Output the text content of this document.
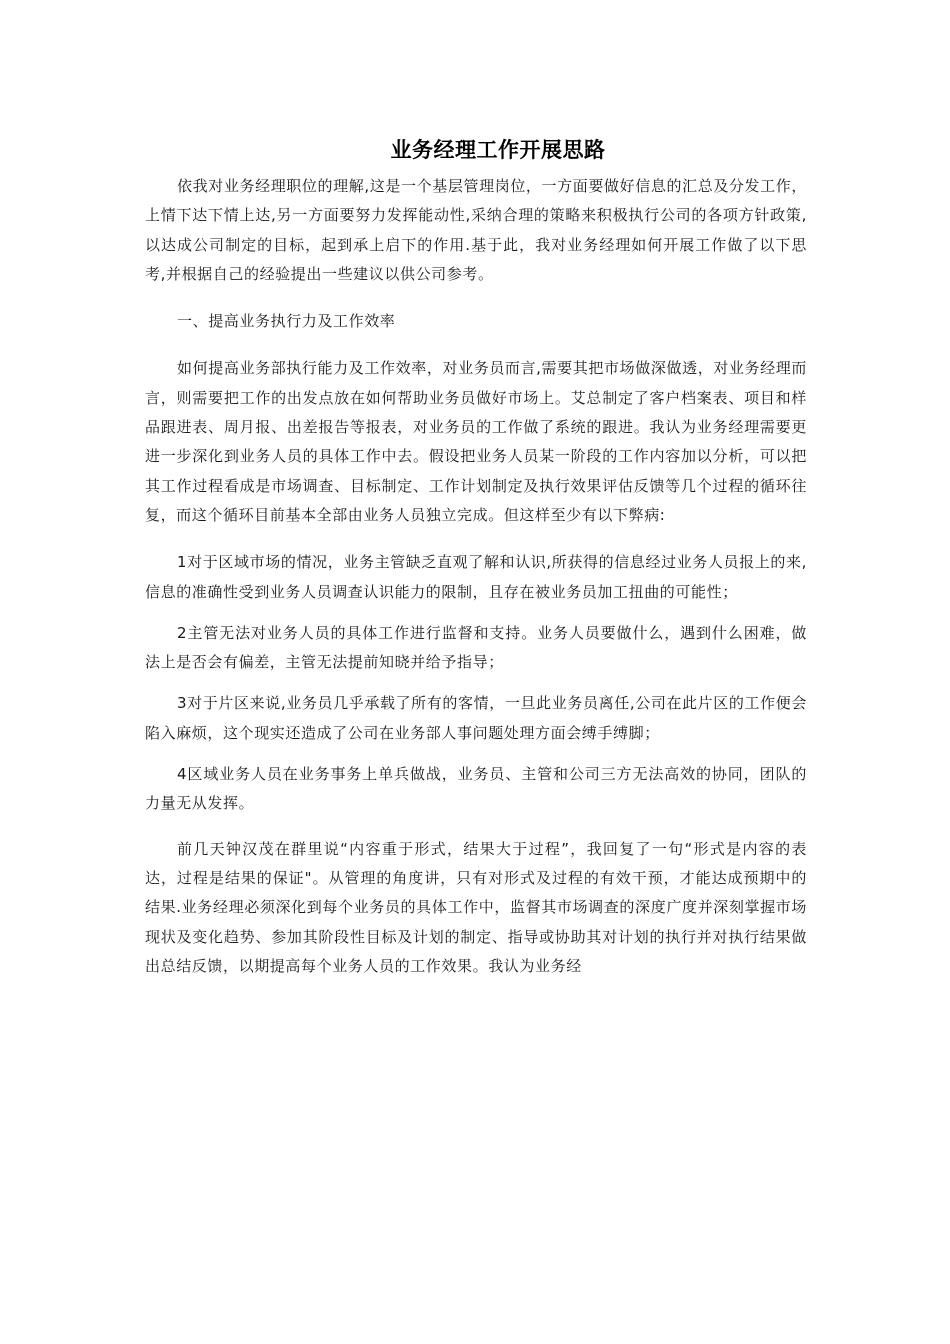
业务经理工作开展思路

依我对业务经理职位的理解,这是一个基层管理岗位，一方面要做好信息的汇总及分发工作，上情下达下情上达,另一方面要努力发挥能动性,采纳合理的策略来积极执行公司的各项方针政策,以达成公司制定的目标，起到承上启下的作用.基于此，我对业务经理如何开展工作做了以下思考,并根据自己的经验提出一些建议以供公司参考。

一、提高业务执行力及工作效率

如何提高业务部执行能力及工作效率，对业务员而言,需要其把市场做深做透，对业务经理而言，则需要把工作的出发点放在如何帮助业务员做好市场上。艾总制定了客户档案表、项目和样品跟进表、周月报、出差报告等报表，对业务员的工作做了系统的跟进。我认为业务经理需要更进一步深化到业务人员的具体工作中去。假设把业务人员某一阶段的工作内容加以分析，可以把其工作过程看成是市场调查、目标制定、工作计划制定及执行效果评估反馈等几个过程的循环往复，而这个循环目前基本全部由业务人员独立完成。但这样至少有以下弊病:

1对于区域市场的情况，业务主管缺乏直观了解和认识,所获得的信息经过业务人员报上的来,信息的准确性受到业务人员调查认识能力的限制，且存在被业务员加工扭曲的可能性；

2主管无法对业务人员的具体工作进行监督和支持。业务人员要做什么，遇到什么困难，做法上是否会有偏差，主管无法提前知晓并给予指导；

3对于片区来说,业务员几乎承载了所有的客情，一旦此业务员离任,公司在此片区的工作便会陷入麻烦，这个现实还造成了公司在业务部人事问题处理方面会缚手缚脚；

4区域业务人员在业务事务上单兵做战，业务员、主管和公司三方无法高效的协同，团队的力量无从发挥。

前几天钟汉茂在群里说“内容重于形式，结果大于过程”，我回复了一句“形式是内容的表达，过程是结果的保证"。从管理的角度讲，只有对形式及过程的有效干预，才能达成预期中的结果.业务经理必须深化到每个业务员的具体工作中，监督其市场调查的深度广度并深刻掌握市场现状及变化趋势、参加其阶段性目标及计划的制定、指导或协助其对计划的执行并对执行结果做出总结反馈，以期提高每个业务人员的工作效果。我认为业务经
